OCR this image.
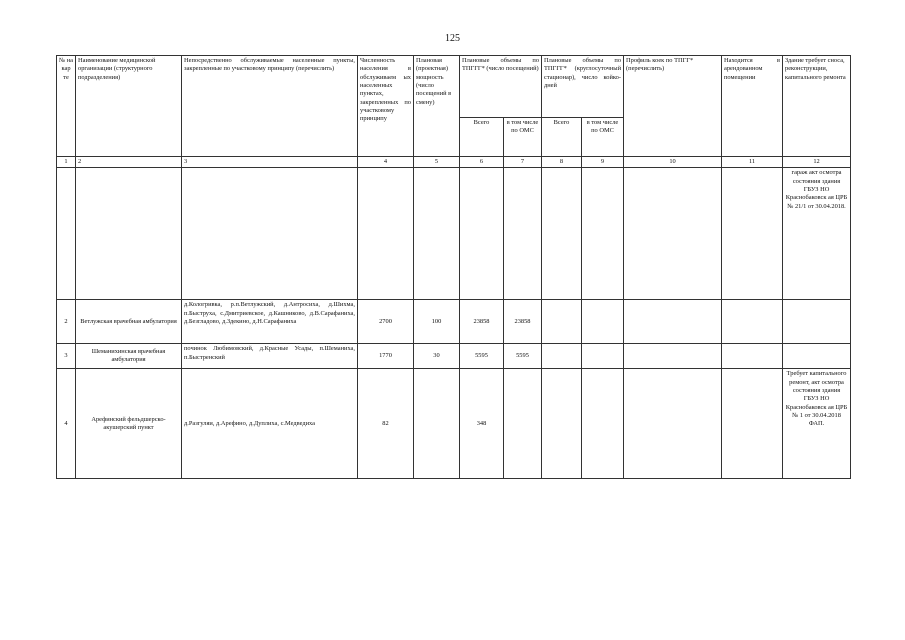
125
№ на кар те	Наименование медицинской организации (структурного подразделения)	Непосредственно обслуживаемые населенные пункты, закрепленные по участковому принципу (перечислить)	Численность населения в обслуживаем ых населенных пунктах, закрепленных по участковому принципу	Плановая (проектная) мощность (число посещений в смену)	Плановые объемы по ТПГГГ* (число посещений)		Плановые объемы по ТПГГГ* (круглосуточный стационар), число койко-дней		Профиль коек по ТПГГ* (перечислить)	Находится в арендованном помещении	Здание требует сноса, реконструкции, капитального ремонта
					Всего	в том числе по ОМС	Всего	в том числе по ОМС			
1	2	3	4	5	6	7	8	9	10	11	12
											гараж акт осмотра состояния здания ГБУЗ НО Краснобаковск ая ЦРБ № 21/1 от 30.04.2018.
2	Ветлужская врачебная амбулатория	д.Кологривка, р.п.Ветлужский, д.Антросиха, д.Шихма, п.Быструха, с.Дмитриевское, д.Кашниково, д.В.Сарафаниха, д.Безгладово, д.Здекино, д.Н.Сарафаниха	2700	100	23858	23858					
3	Шеманихинская врачебная амбулатория	починок Любимовский, д.Красные Усады, п.Шеманиха, п.Быстренский	1770	30	5595	5595					
4	Арефинский фельдшерско-акушерский пункт	д.Разгуляи, д.Арефино, д.Дуплиха, с.Медведиха	82		348						Требует капитального ремонт, акт осмотра состояния здания ГБУЗ НО Краснобаковск ая ЦРБ № 1 от 30.04.2018 ФАП.
